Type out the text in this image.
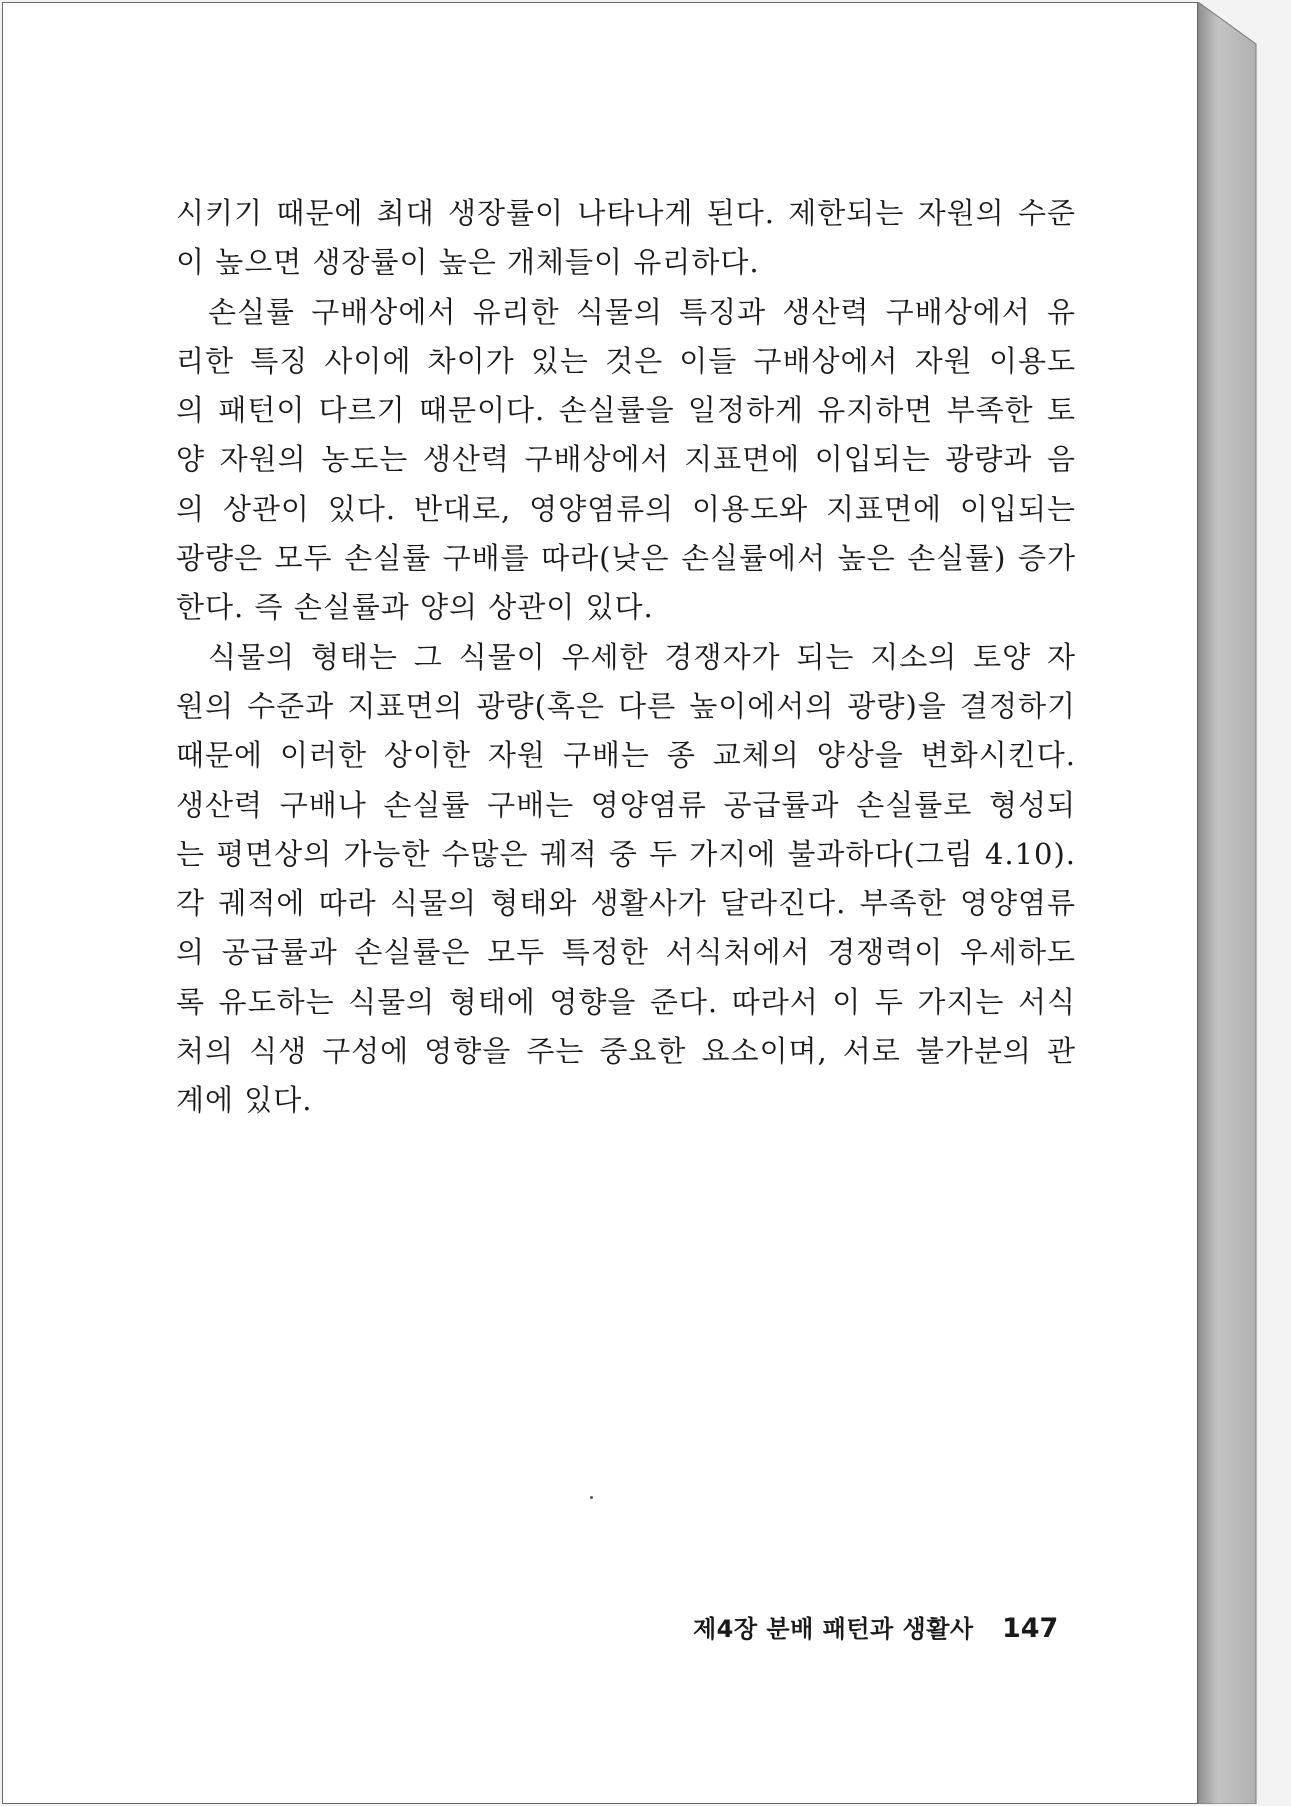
시키기 때문에 최대 생장률이 나타나게 된다. 제한되는 자원의 수준
이 높으면 생장률이 높은 개체들이 유리하다.
손실률 구배상에서 유리한 식물의 특징과 생산력 구배상에서 유
리한 특징 사이에 차이가 있는 것은 이들 구배상에서 자원 이용도
의 패턴이 다르기 때문이다. 손실률을 일정하게 유지하면 부족한 토
양 자원의 농도는 생산력 구배상에서 지표면에 이입되는 광량과 음
의 상관이 있다. 반대로, 영양염류의 이용도와 지표면에 이입되는
광량은 모두 손실률 구배를 따라(낮은 손실률에서 높은 손실률) 증가
한다. 즉 손실률과 양의 상관이 있다.
식물의 형태는 그 식물이 우세한 경쟁자가 되는 지소의 토양 자
원의 수준과 지표면의 광량(혹은 다른 높이에서의 광량)을 결정하기
때문에 이러한 상이한 자원 구배는 종 교체의 양상을 변화시킨다.
생산력 구배나 손실률 구배는 영양염류 공급률과 손실률로 형성되
는 평면상의 가능한 수많은 궤적 중 두 가지에 불과하다(그림 4.10).
각 궤적에 따라 식물의 형태와 생활사가 달라진다. 부족한 영양염류
의 공급률과 손실률은 모두 특정한 서식처에서 경쟁력이 우세하도
록 유도하는 식물의 형태에 영향을 준다. 따라서 이 두 가지는 서식
처의 식생 구성에 영향을 주는 중요한 요소이며, 서로 불가분의 관
계에 있다.
제4장 분배 패턴과 생활사 147
